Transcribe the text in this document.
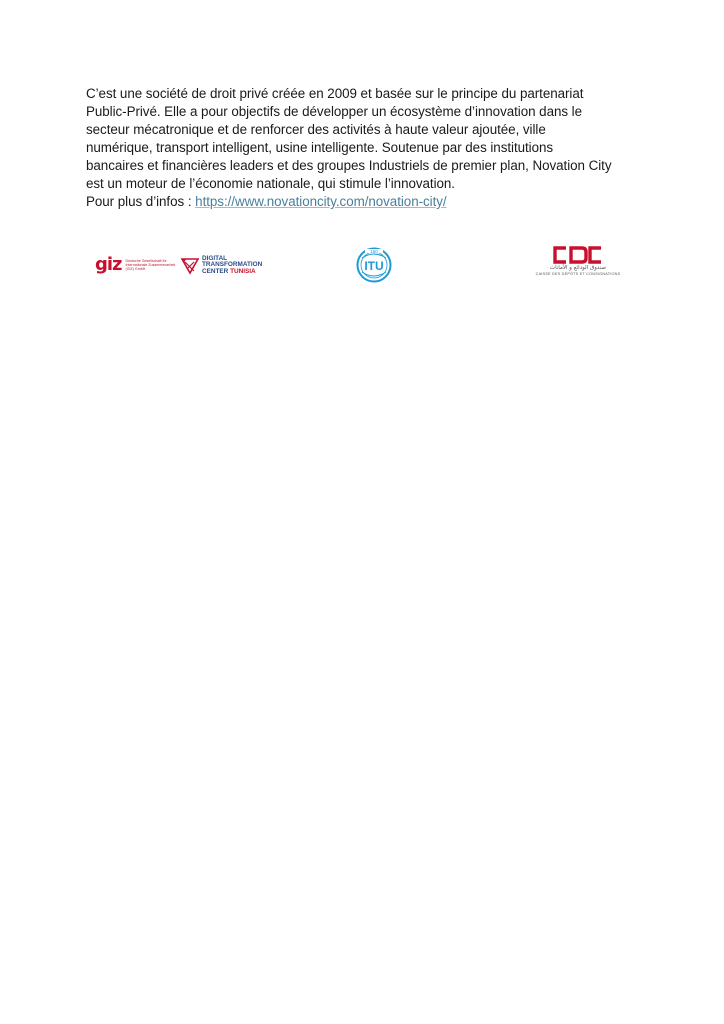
C’est une société de droit privé créée en 2009 et basée sur le principe du partenariat
Public-Privé. Elle a pour objectifs de développer un écosystème d’innovation dans le
secteur mécatronique et de renforcer des activités à haute valeur ajoutée, ville
numérique, transport intelligent, usine intelligente. Soutenue par des institutions
bancaires et financières leaders et des groupes Industriels de premier plan, Novation City
est un moteur de l’économie nationale, qui stimule l’innovation.
Pour plus d’infos : https://www.novationcity.com/novation-city/
giz Deutsche Gesellschaft für Internationale Zusammenarbeit (GIZ) GmbH
DIGITAL
TRANSFORMATION
CENTER TUNISIA
150
ITU
CDC
صندوق الودائع و الأمانات
CAISSE DES DÉPÔTS ET CONSIGNATIONS
